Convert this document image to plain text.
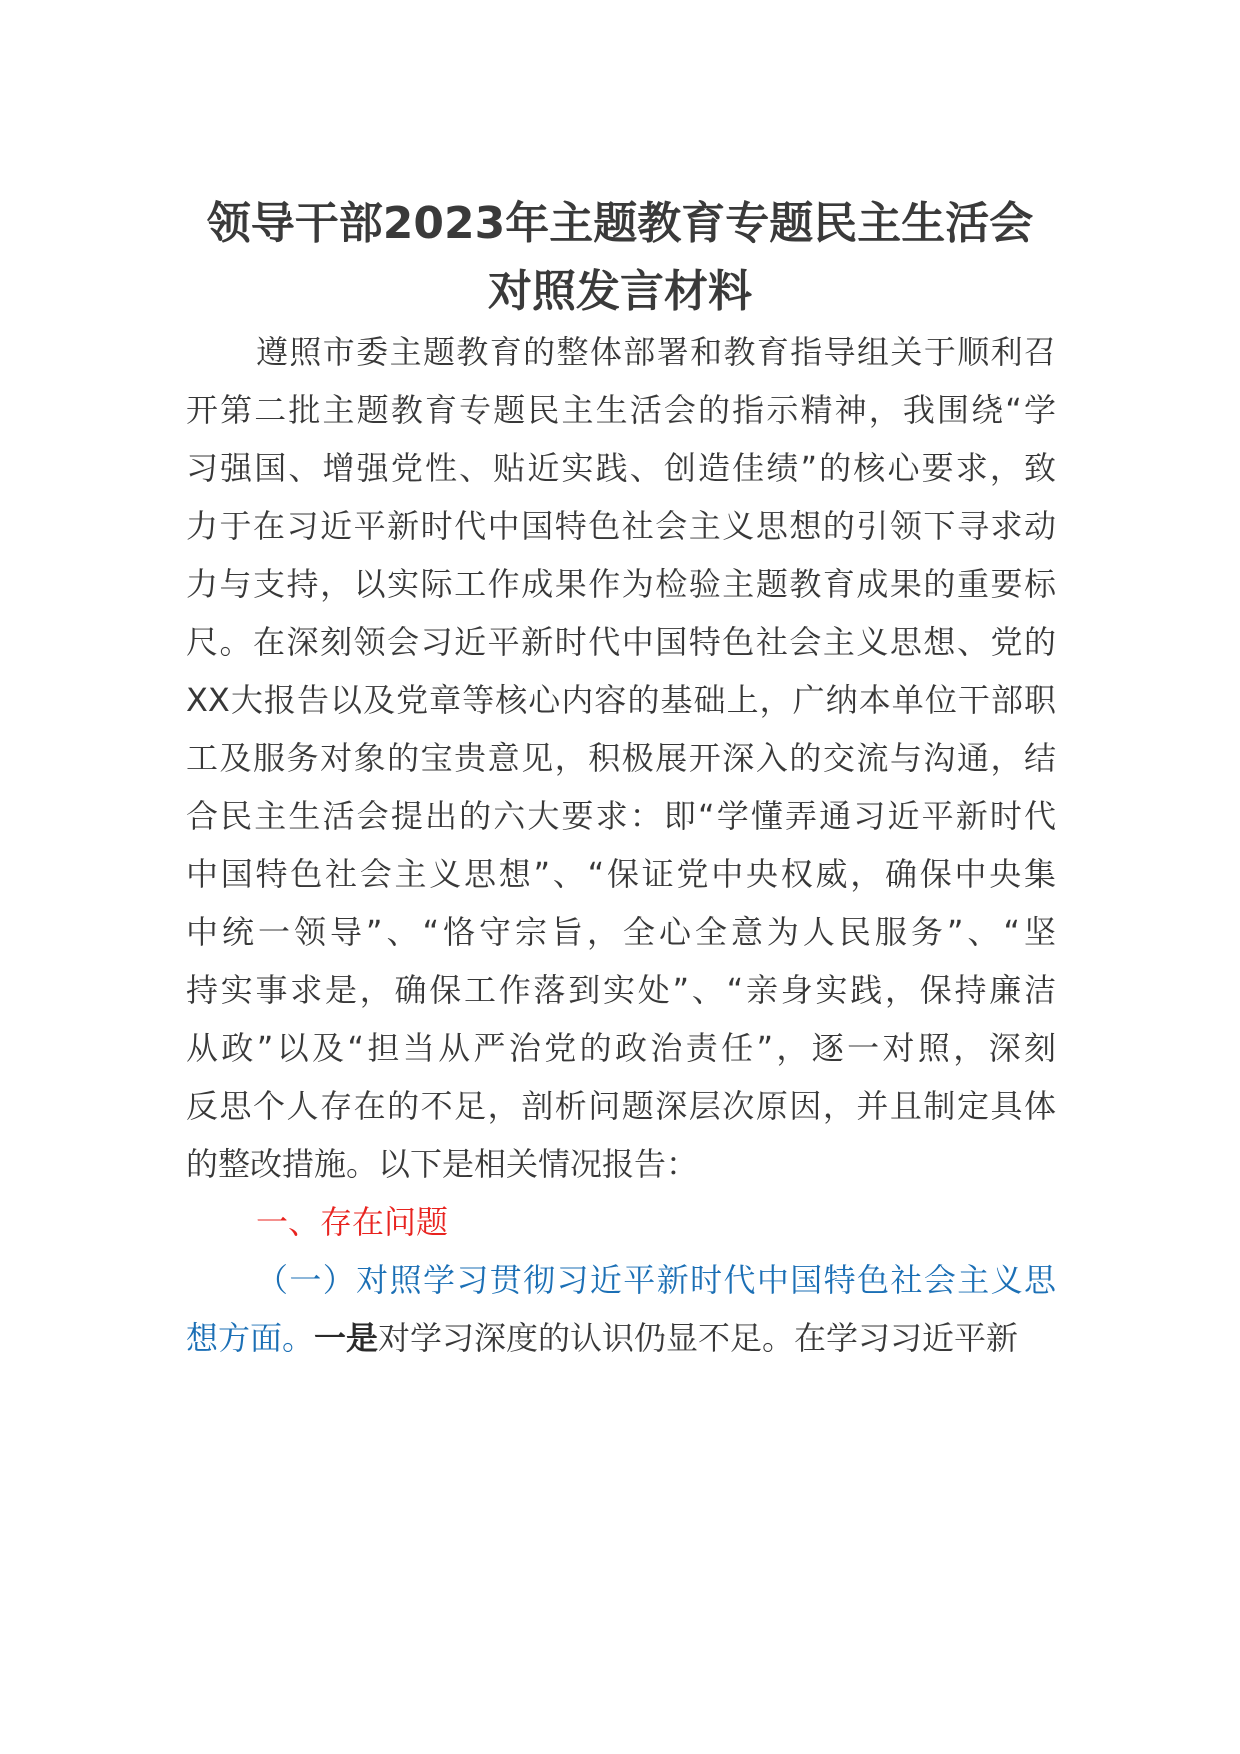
领导干部2023年主题教育专题民主生活会
对照发言材料
遵照市委主题教育的整体部署和教育指导组关于顺利召
开第二批主题教育专题民主生活会的指示精神，我围绕“学
习强国、增强党性、贴近实践、创造佳绩”的核心要求，致
力于在习近平新时代中国特色社会主义思想的引领下寻求动
力与支持，以实际工作成果作为检验主题教育成果的重要标
尺。在深刻领会习近平新时代中国特色社会主义思想、党的
XX大报告以及党章等核心内容的基础上，广纳本单位干部职
工及服务对象的宝贵意见，积极展开深入的交流与沟通，结
合民主生活会提出的六大要求：即“学懂弄通习近平新时代
中国特色社会主义思想”、“保证党中央权威，确保中央集
中统一领导”、“恪守宗旨，全心全意为人民服务”、“坚
持实事求是，确保工作落到实处”、“亲身实践，保持廉洁
从政”以及“担当从严治党的政治责任”，逐一对照，深刻
反思个人存在的不足，剖析问题深层次原因，并且制定具体
的整改措施。以下是相关情况报告：
一、存在问题
（一）对照学习贯彻习近平新时代中国特色社会主义思
想方面。一是对学习深度的认识仍显不足。在学习习近平新
